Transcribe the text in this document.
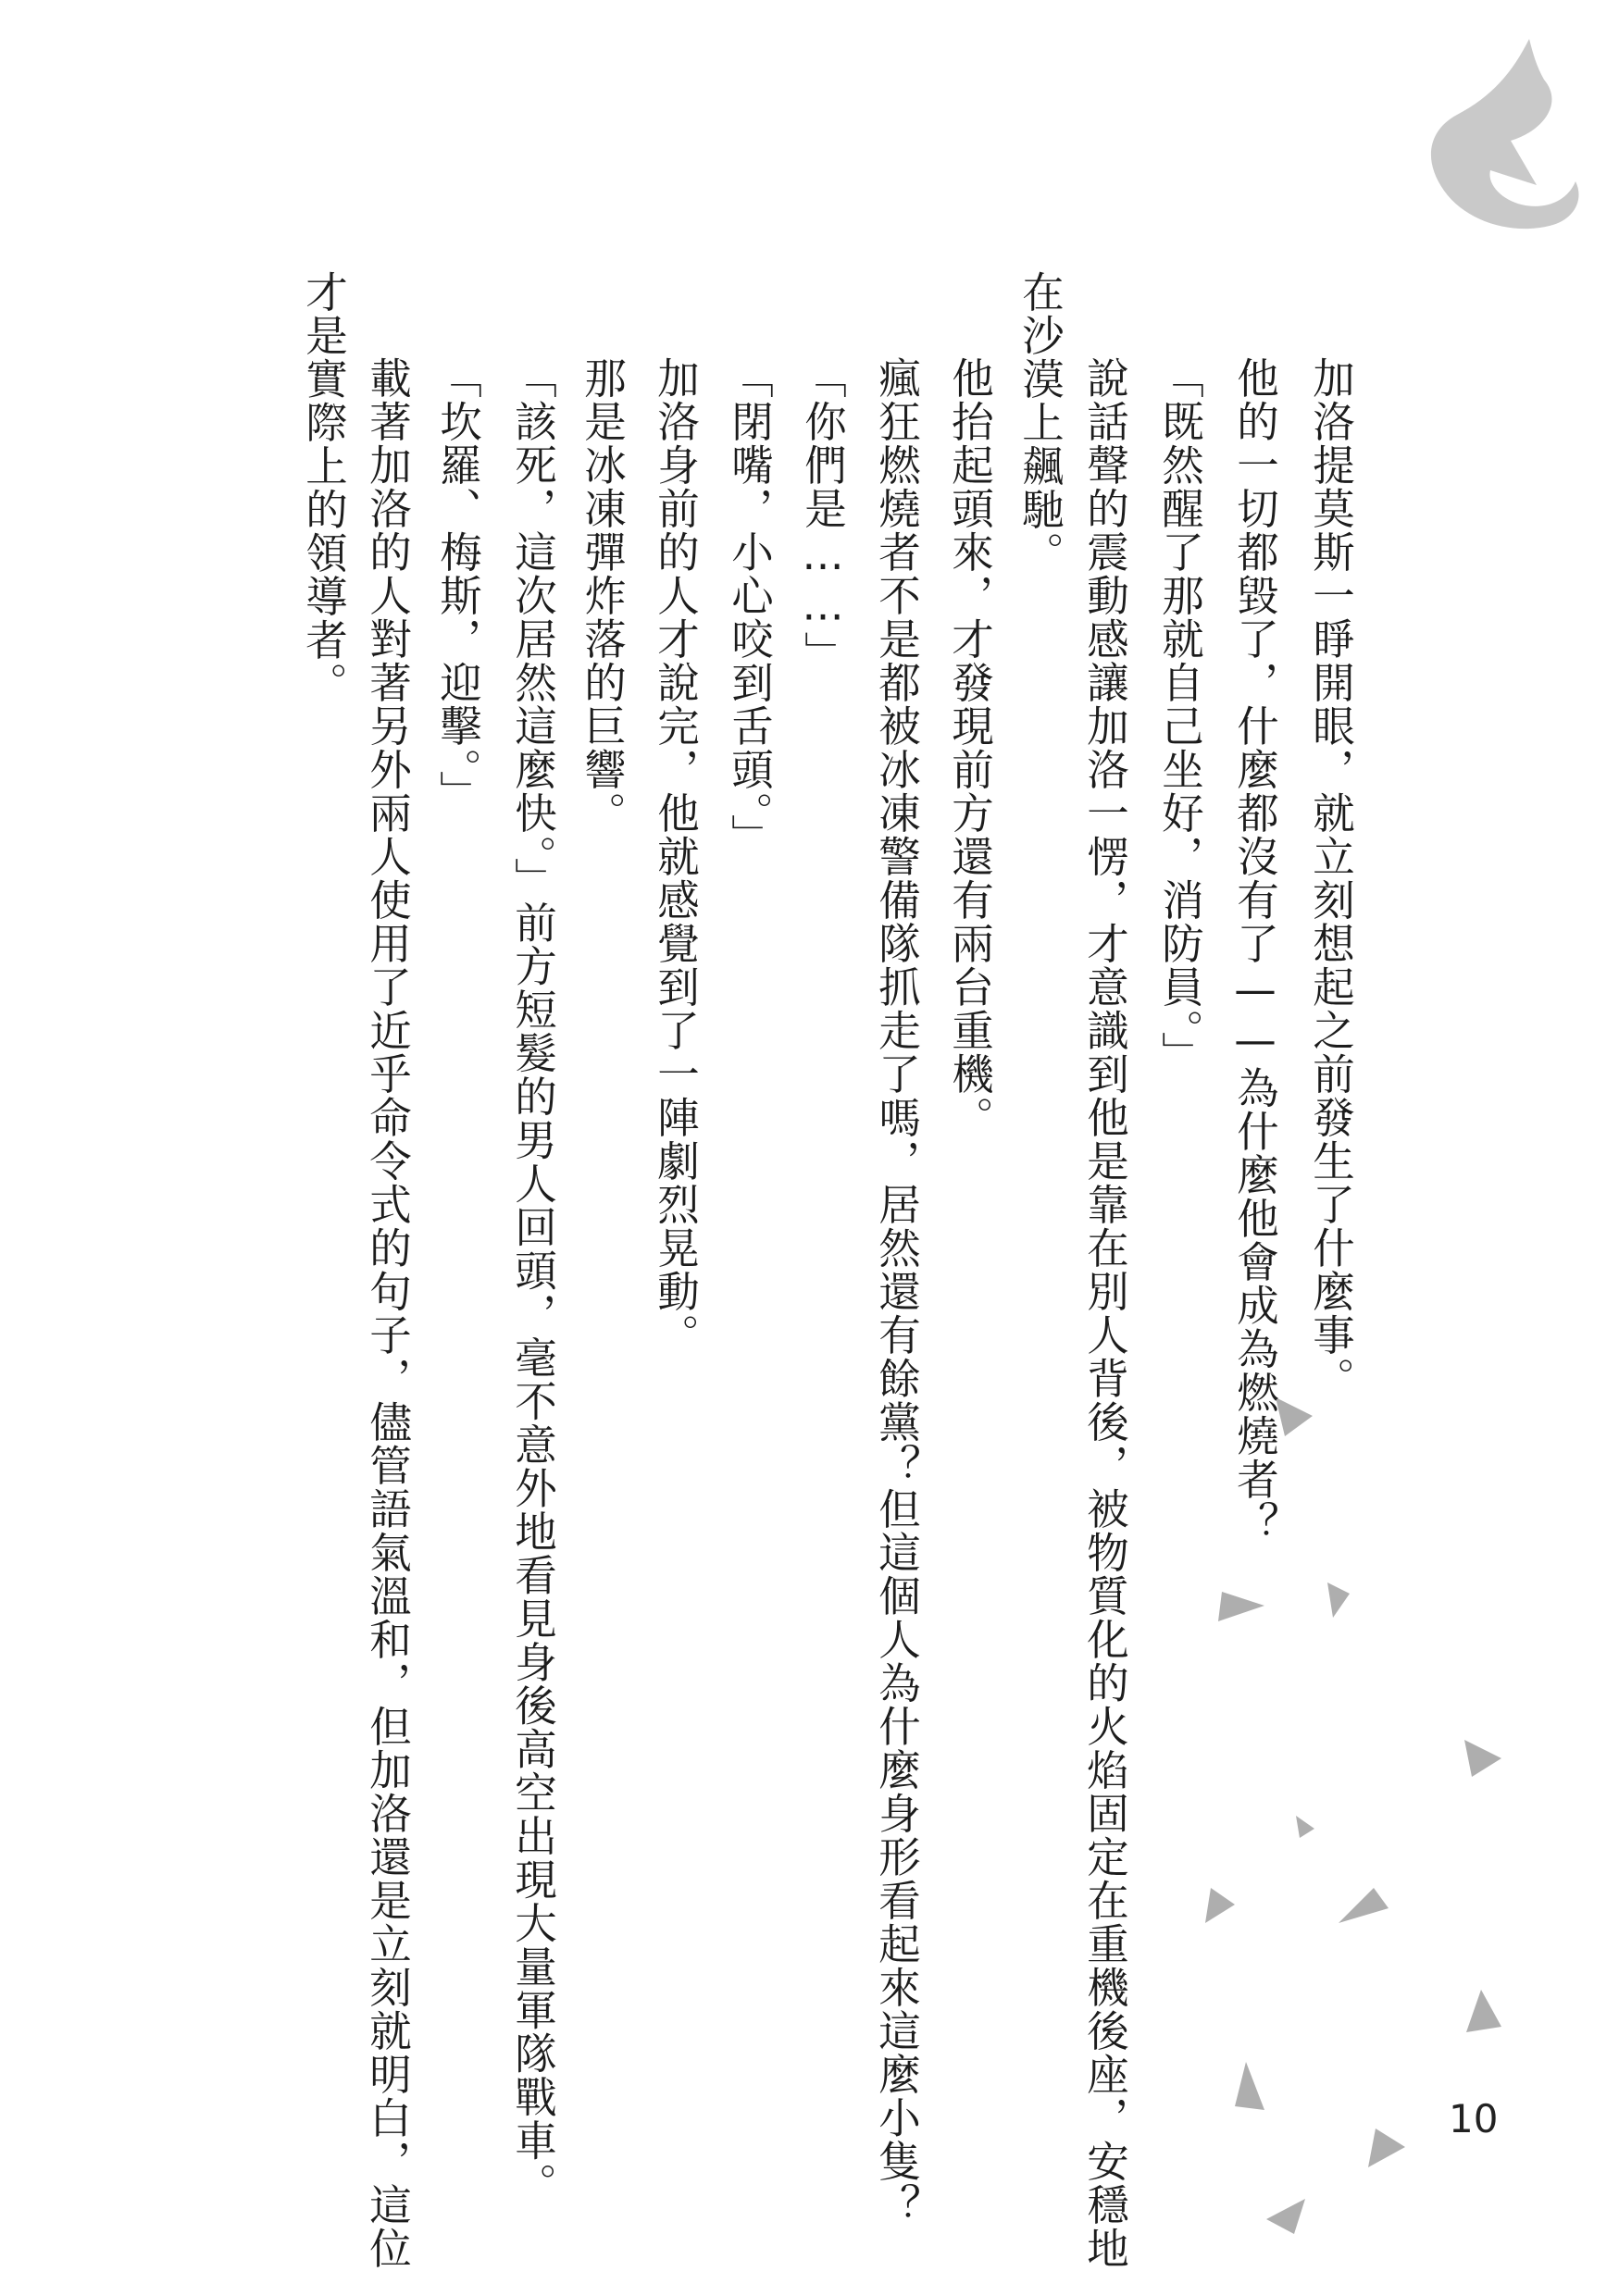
加洛提莫斯一睜開眼，就立刻想起之前發生了什麼事。
他的一切都毀了，什麼都沒有了——為什麼他會成為燃燒者？
「既然醒了那就自己坐好，消防員。」
說話聲的震動感讓加洛一愣，才意識到他是靠在別人背後，被物質化的火焰固定在重機後座，安穩地
在沙漠上飆馳。
他抬起頭來，才發現前方還有兩台重機。
瘋狂燃燒者不是都被冰凍警備隊抓走了嗎，居然還有餘黨？但這個人為什麼身形看起來這麼小隻？
「你們是……」
「閉嘴，小心咬到舌頭。」
加洛身前的人才說完，他就感覺到了一陣劇烈晃動。
那是冰凍彈炸落的巨響。
「該死，這次居然這麼快。」前方短髮的男人回頭，毫不意外地看見身後高空出現大量軍隊戰車。
「坎羅、梅斯，迎擊。」
載著加洛的人對著另外兩人使用了近乎命令式的句子，儘管語氣溫和，但加洛還是立刻就明白，這位
才是實際上的領導者。
10
